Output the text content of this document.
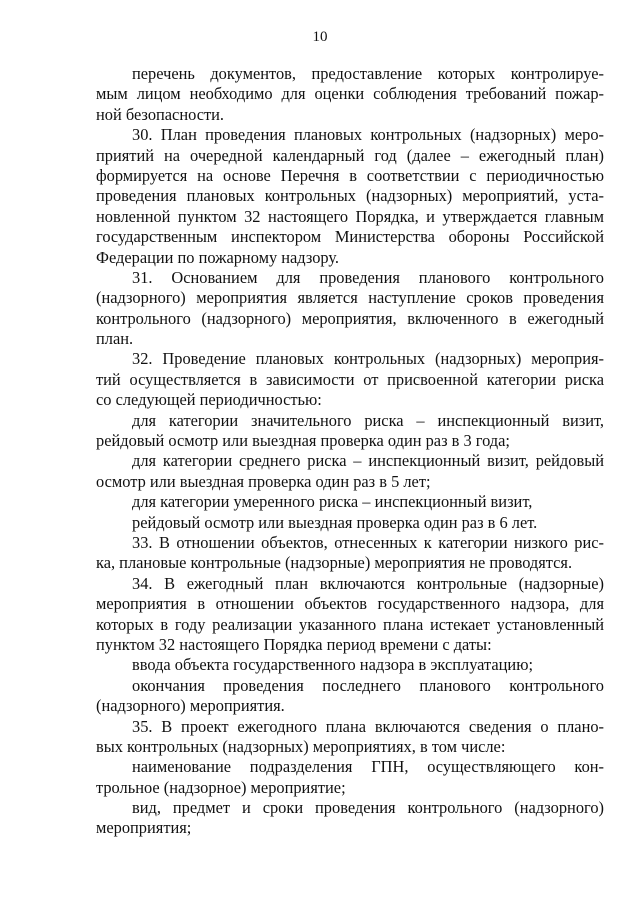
10
перечень документов, предоставление которых контролируе-
мым лицом необходимо для оценки соблюдения требований пожар-
ной безопасности.
30. План проведения плановых контрольных (надзорных) меро-
приятий на очередной календарный год (далее – ежегодный план)
формируется на основе Перечня в соответствии с периодичностью
проведения плановых контрольных (надзорных) мероприятий, уста-
новленной пунктом 32 настоящего Порядка, и утверждается главным
государственным инспектором Министерства обороны Российской
Федерации по пожарному надзору.
31. Основанием для проведения планового контрольного
(надзорного) мероприятия является наступление сроков проведения
контрольного (надзорного) мероприятия, включенного в ежегодный
план.
32. Проведение плановых контрольных (надзорных) мероприя-
тий осуществляется в зависимости от присвоенной категории риска
со следующей периодичностью:
для категории значительного риска – инспекционный визит,
рейдовый осмотр или выездная проверка один раз в 3 года;
для категории среднего риска – инспекционный визит, рейдовый
осмотр или выездная проверка один раз в 5 лет;
для категории умеренного риска – инспекционный визит,
рейдовый осмотр или выездная проверка один раз в 6 лет.
33. В отношении объектов, отнесенных к категории низкого рис-
ка, плановые контрольные (надзорные) мероприятия не проводятся.
34. В ежегодный план включаются контрольные (надзорные)
мероприятия в отношении объектов государственного надзора, для
которых в году реализации указанного плана истекает установленный
пунктом 32 настоящего Порядка период времени с даты:
ввода объекта государственного надзора в эксплуатацию;
окончания проведения последнего планового контрольного
(надзорного) мероприятия.
35. В проект ежегодного плана включаются сведения о плано-
вых контрольных (надзорных) мероприятиях, в том числе:
наименование подразделения ГПН, осуществляющего кон-
трольное (надзорное) мероприятие;
вид, предмет и сроки проведения контрольного (надзорного)
мероприятия;
